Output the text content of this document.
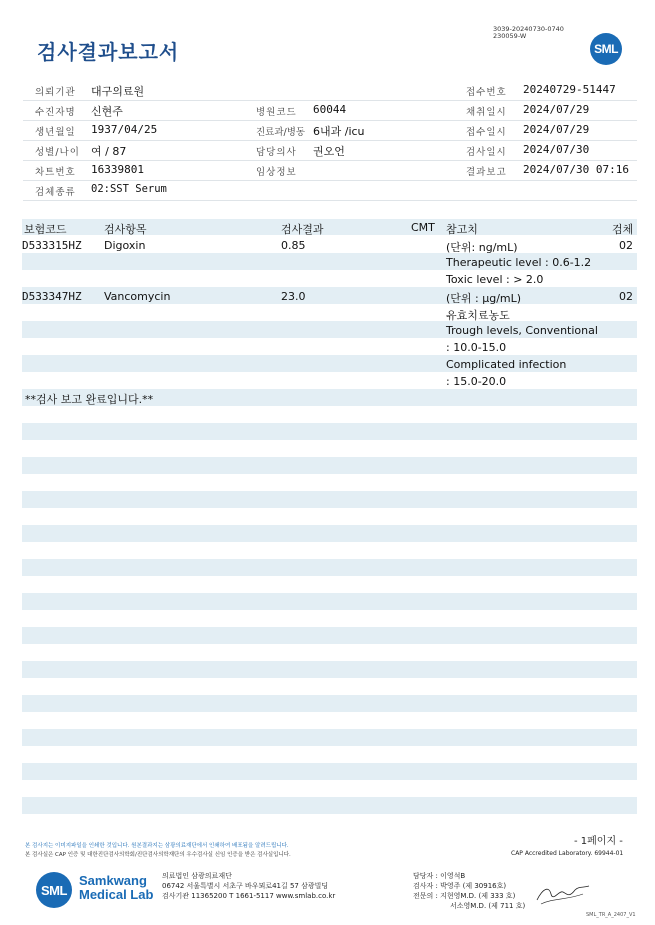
검사결과보고서
3039-20240730-0740
230059-W
SML
의뢰기관 대구의료원	접수번호 20240729-51447
수진자명 신현주	병원코드 60044	채취일시 2024/07/29
생년월일 1937/04/25	진료과/병동 6내과 /icu	접수일시 2024/07/29
성별/나이 여 / 87	담당의사 권오언	검사일시 2024/07/30
차트번호 16339801	임상정보	결과보고 2024/07/30 07:16
검체종류 02:SST Serum
보험코드	검사항목	검사결과	CMT 참고치	검체
D533315HZ Digoxin	0.85	(단위: ng/mL)	02
Therapeutic level : 0.6-1.2
Toxic level : > 2.0
D533347HZ Vancomycin	23.0	(단위 : μg/mL)	02
유효치료농도
Trough levels, Conventional
: 10.0-15.0
Complicated infection
: 15.0-20.0
**검사 보고 완료입니다.**
- 1페이지 -
본 검사지는 이미지파일을 인쇄한 것입니다. 원본결과지는 삼광의료재단에서 인쇄하여 배포됨을 알려드립니다.
본 검사실은 CAP 인증 및 대한진단검사의학회/진단검사의학재단의 우수검사실 신임 인증을 받은 검사실입니다.	CAP Accredited Laboratory. 69944-01
SML
Samkwang
Medical Lab
의료법인 삼광의료재단
06742 서울특별시 서초구 바우뫼로41길 57 삼광빌딩
검사기관 11365200 T 1661-5117 www.smlab.co.kr
담당자 : 이영석B
검사자 : 박영주 (제 30916호)
전문의 : 지현영M.D. (제 333 호)
서소영M.D. (제 711 호)
SML_TR_A_2407_V1
